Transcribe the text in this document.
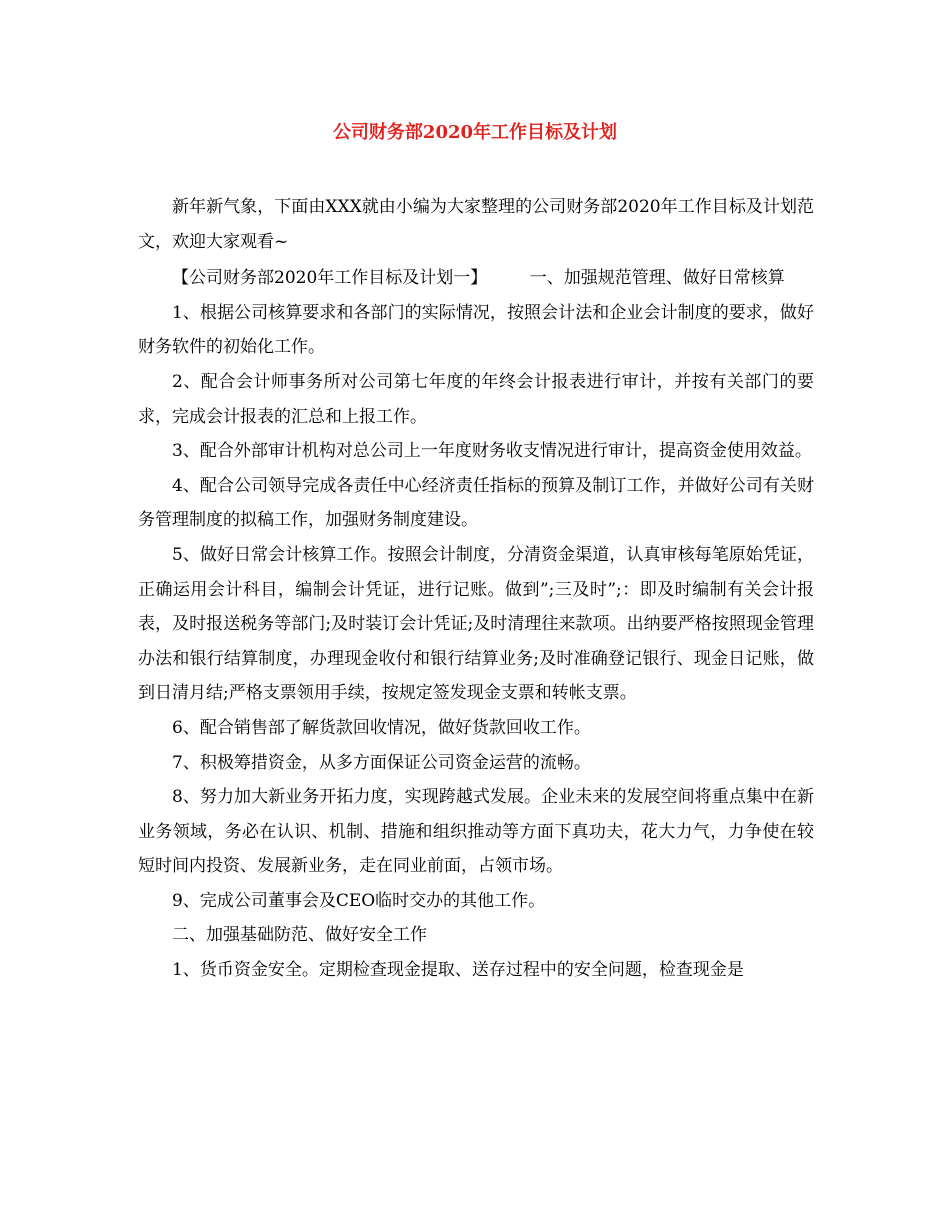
公司财务部2020年工作目标及计划

新年新气象，下面由XXX就由小编为大家整理的公司财务部2020年工作目标及计划范文，欢迎大家观看~

【公司财务部2020年工作目标及计划一】　　　一、加强规范管理、做好日常核算

1、根据公司核算要求和各部门的实际情况，按照会计法和企业会计制度的要求，做好财务软件的初始化工作。

2、配合会计师事务所对公司第七年度的年终会计报表进行审计，并按有关部门的要求，完成会计报表的汇总和上报工作。

3、配合外部审计机构对总公司上一年度财务收支情况进行审计，提高资金使用效益。

4、配合公司领导完成各责任中心经济责任指标的预算及制订工作，并做好公司有关财务管理制度的拟稿工作，加强财务制度建设。

5、做好日常会计核算工作。按照会计制度，分清资金渠道，认真审核每笔原始凭证，正确运用会计科目，编制会计凭证，进行记账。做到”;三及时”;：即及时编制有关会计报表，及时报送税务等部门;及时装订会计凭证;及时清理往来款项。出纳要严格按照现金管理办法和银行结算制度，办理现金收付和银行结算业务;及时准确登记银行、现金日记账，做到日清月结;严格支票领用手续，按规定签发现金支票和转帐支票。

6、配合销售部了解货款回收情况，做好货款回收工作。

7、积极筹措资金，从多方面保证公司资金运营的流畅。

8、努力加大新业务开拓力度，实现跨越式发展。企业未来的发展空间将重点集中在新业务领域，务必在认识、机制、措施和组织推动等方面下真功夫，花大力气，力争使在较短时间内投资、发展新业务，走在同业前面，占领市场。

9、完成公司董事会及CEO临时交办的其他工作。

二、加强基础防范、做好安全工作

1、货币资金安全。定期检查现金提取、送存过程中的安全问题，检查现金是
